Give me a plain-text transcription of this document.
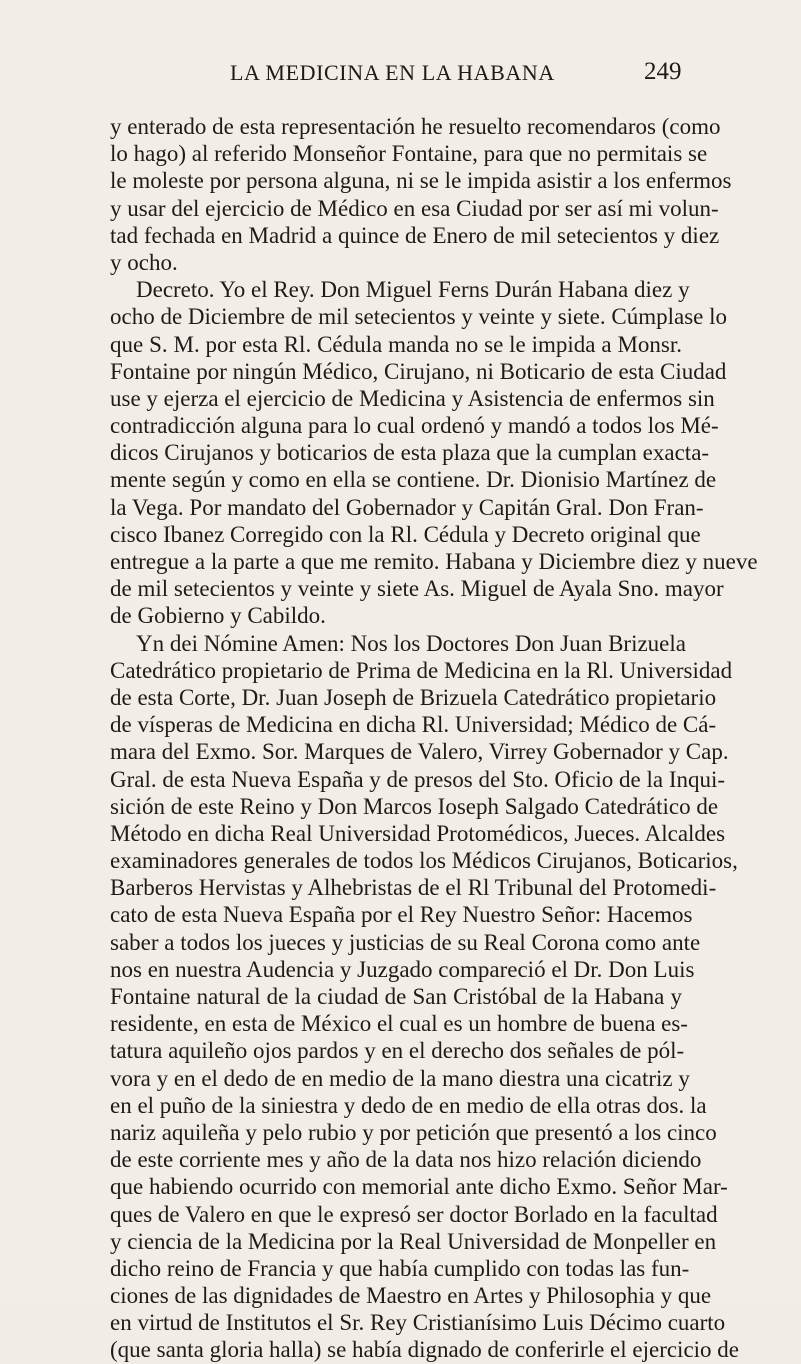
LA MEDICINA EN LA HABANA	249
y enterado de esta representación he resuelto recomendaros (como
lo hago) al referido Monseñor Fontaine, para que no permitais se
le moleste por persona alguna, ni se le impida asistir a los enfermos
y usar del ejercicio de Médico en esa Ciudad por ser así mi volun-
tad fechada en Madrid a quince de Enero de mil setecientos y diez
y ocho.
Decreto. Yo el Rey. Don Miguel Ferns Durán Habana diez y
ocho de Diciembre de mil setecientos y veinte y siete. Cúmplase lo
que S. M. por esta Rl. Cédula manda no se le impida a Monsr.
Fontaine por ningún Médico, Cirujano, ni Boticario de esta Ciudad
use y ejerza el ejercicio de Medicina y Asistencia de enfermos sin
contradicción alguna para lo cual ordenó y mandó a todos los Mé-
dicos Cirujanos y boticarios de esta plaza que la cumplan exacta-
mente según y como en ella se contiene. Dr. Dionisio Martínez de
la Vega. Por mandato del Gobernador y Capitán Gral. Don Fran-
cisco Ibanez Corregido con la Rl. Cédula y Decreto original que
entregue a la parte a que me remito. Habana y Diciembre diez y nueve
de mil setecientos y veinte y siete As. Miguel de Ayala Sno. mayor
de Gobierno y Cabildo.
Yn dei Nómine Amen: Nos los Doctores Don Juan Brizuela
Catedrático propietario de Prima de Medicina en la Rl. Universidad
de esta Corte, Dr. Juan Joseph de Brizuela Catedrático propietario
de vísperas de Medicina en dicha Rl. Universidad; Médico de Cá-
mara del Exmo. Sor. Marques de Valero, Virrey Gobernador y Cap.
Gral. de esta Nueva España y de presos del Sto. Oficio de la Inqui-
sición de este Reino y Don Marcos Ioseph Salgado Catedrático de
Método en dicha Real Universidad Protomédicos, Jueces. Alcaldes
examinadores generales de todos los Médicos Cirujanos, Boticarios,
Barberos Hervistas y Alhebristas de el Rl Tribunal del Protomedi-
cato de esta Nueva España por el Rey Nuestro Señor: Hacemos
saber a todos los jueces y justicias de su Real Corona como ante
nos en nuestra Audencia y Juzgado compareció el Dr. Don Luis
Fontaine natural de la ciudad de San Cristóbal de la Habana y
residente, en esta de México el cual es un hombre de buena es-
tatura aquileño ojos pardos y en el derecho dos señales de pól-
vora y en el dedo de en medio de la mano diestra una cicatriz y
en el puño de la siniestra y dedo de en medio de ella otras dos. la
nariz aquileña y pelo rubio y por petición que presentó a los cinco
de este corriente mes y año de la data nos hizo relación diciendo
que habiendo ocurrido con memorial ante dicho Exmo. Señor Mar-
ques de Valero en que le expresó ser doctor Borlado en la facultad
y ciencia de la Medicina por la Real Universidad de Monpeller en
dicho reino de Francia y que había cumplido con todas las fun-
ciones de las dignidades de Maestro en Artes y Philosophia y que
en virtud de Institutos el Sr. Rey Cristianísimo Luis Décimo cuarto
(que santa gloria halla) se había dignado de conferirle el ejercicio de
